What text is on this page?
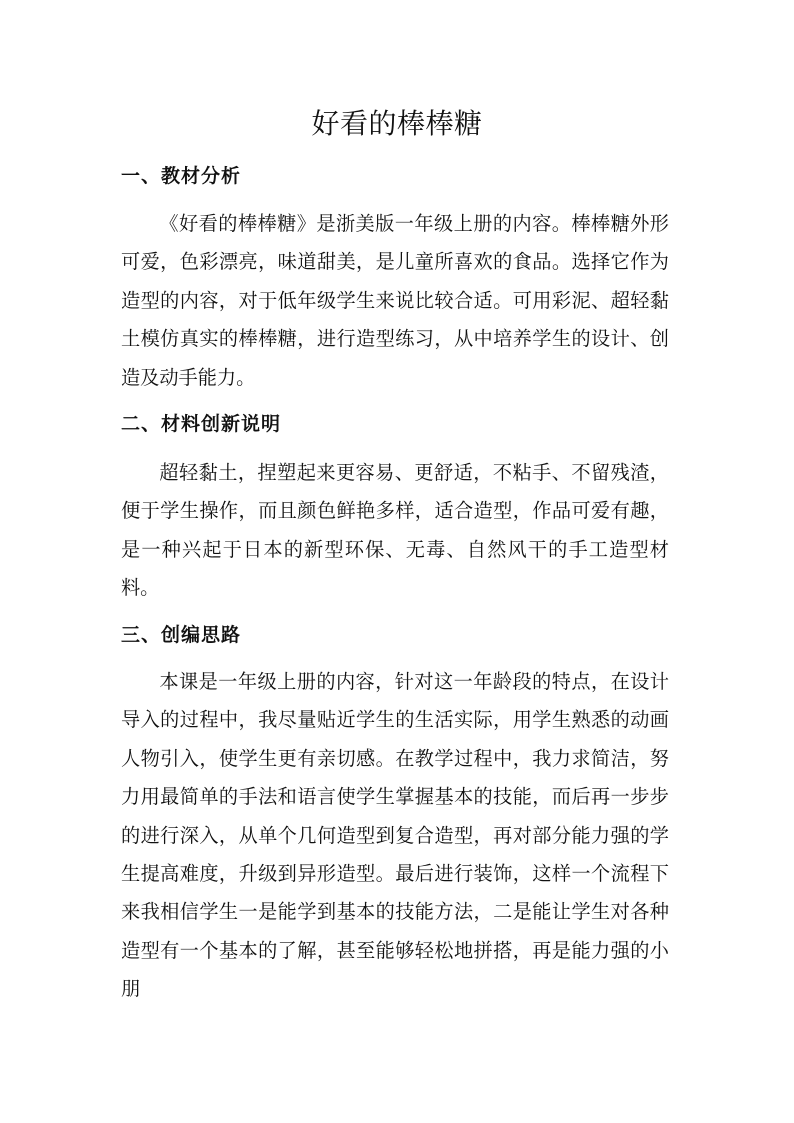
好看的棒棒糖
一、教材分析
《好看的棒棒糖》是浙美版一年级上册的内容。棒棒糖外形可爱，色彩漂亮，味道甜美，是儿童所喜欢的食品。选择它作为造型的内容，对于低年级学生来说比较合适。可用彩泥、超轻黏土模仿真实的棒棒糖，进行造型练习，从中培养学生的设计、创造及动手能力。
二、材料创新说明
超轻黏土，捏塑起来更容易、更舒适，不粘手、不留残渣，便于学生操作，而且颜色鲜艳多样，适合造型，作品可爱有趣，是一种兴起于日本的新型环保、无毒、自然风干的手工造型材料。
三、创编思路
本课是一年级上册的内容，针对这一年龄段的特点，在设计导入的过程中，我尽量贴近学生的生活实际，用学生熟悉的动画人物引入，使学生更有亲切感。在教学过程中，我力求简洁，努力用最简单的手法和语言使学生掌握基本的技能，而后再一步步的进行深入，从单个几何造型到复合造型，再对部分能力强的学生提高难度，升级到异形造型。最后进行装饰，这样一个流程下来我相信学生一是能学到基本的技能方法，二是能让学生对各种造型有一个基本的了解，甚至能够轻松地拼搭，再是能力强的小朋
